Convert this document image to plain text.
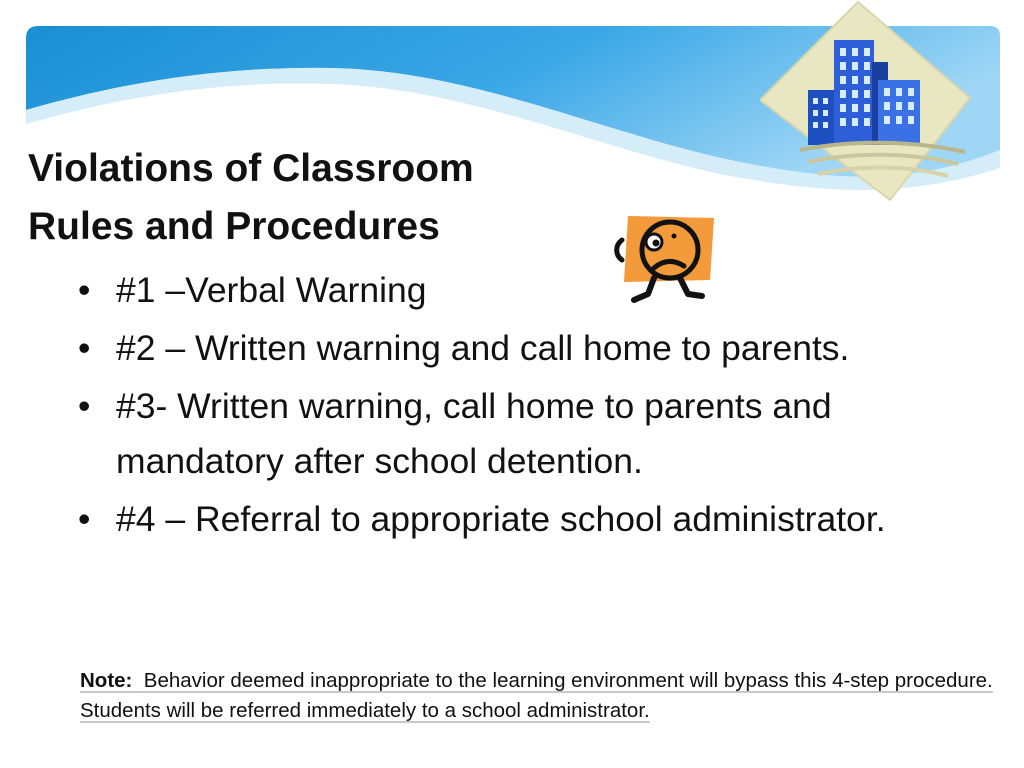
Violations of Classroom
Rules and Procedures
• #1 –Verbal Warning
• #2 – Written warning and call home to parents.
• #3- Written warning, call home to parents and mandatory after school detention.
• #4 – Referral to appropriate school administrator.

Note: Behavior deemed inappropriate to the learning environment will bypass this 4-step procedure. Students will be referred immediately to a school administrator.
